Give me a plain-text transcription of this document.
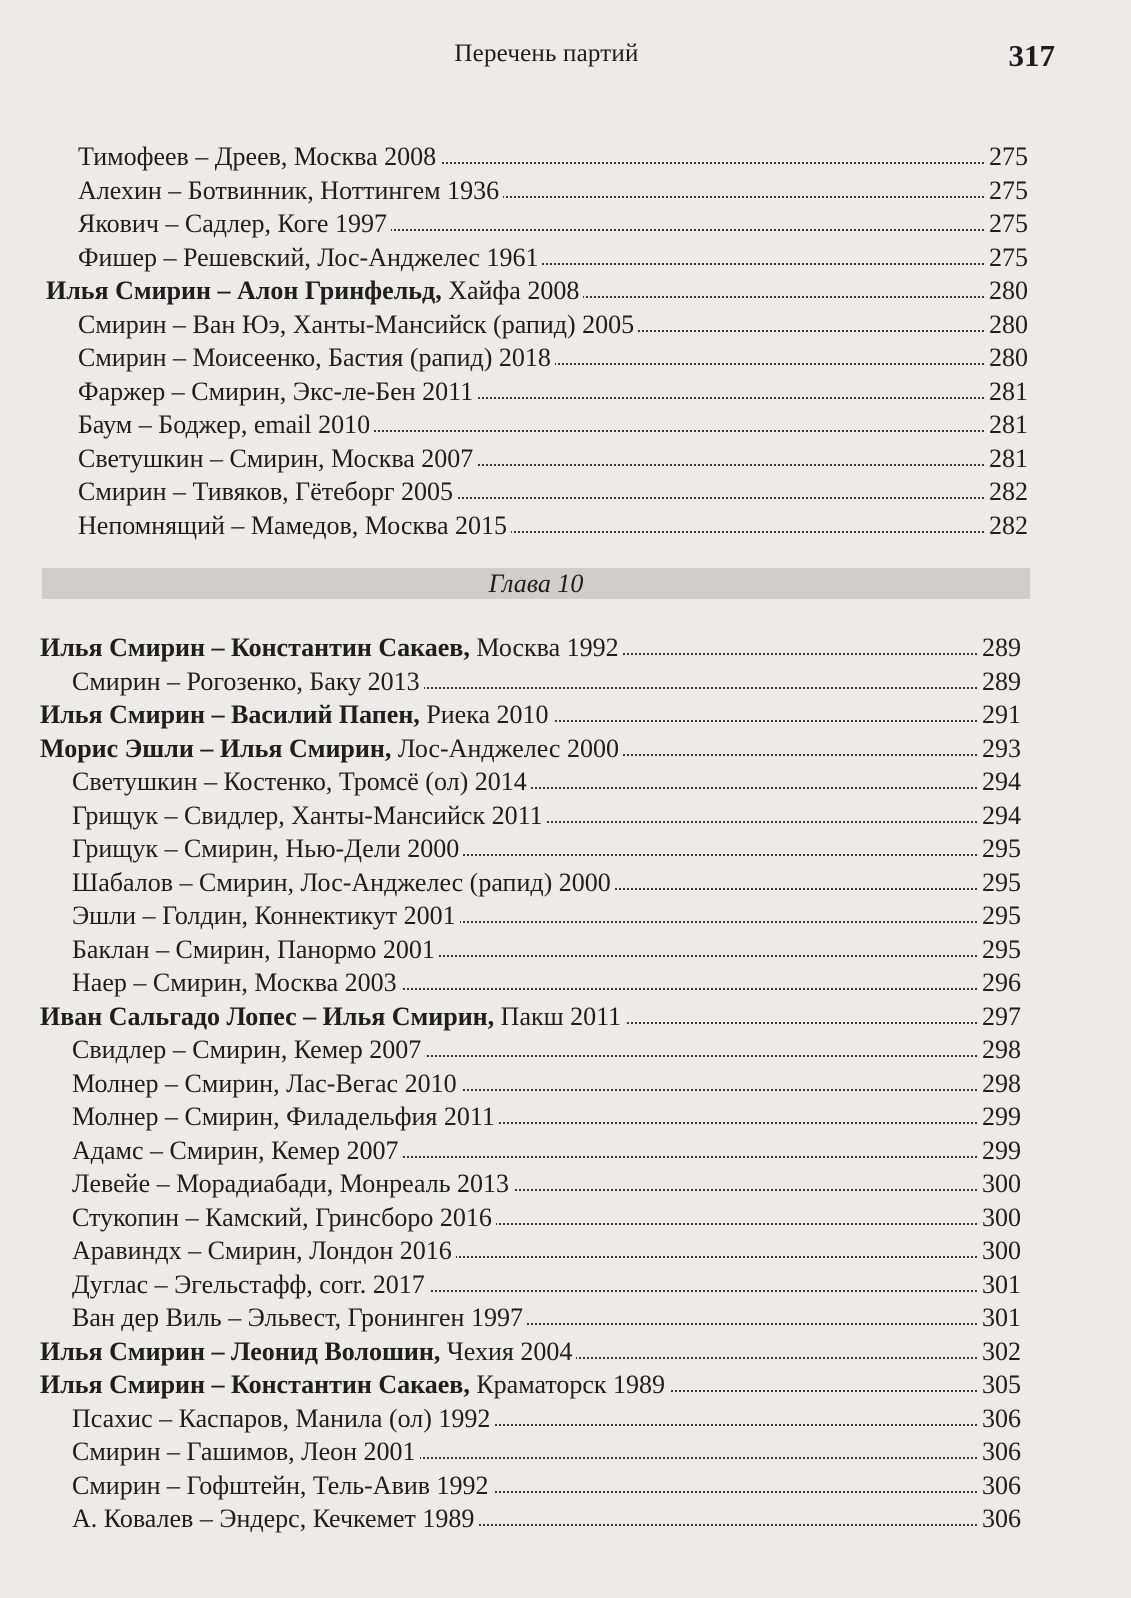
Перечень партий	317
Тимофеев – Дреев, Москва 2008	275
Алехин – Ботвинник, Ноттингем 1936	275
Якович – Садлер, Коге 1997	275
Фишер – Решевский, Лос-Анджелес 1961	275
Илья Смирин – Алон Гринфельд, Хайфа 2008	280
Смирин – Ван Юэ, Ханты-Мансийск (рапид) 2005	280
Смирин – Моисеенко, Бастия (рапид) 2018	280
Фаржер – Смирин, Экс-ле-Бен 2011	281
Баум – Боджер, email 2010	281
Светушкин – Смирин, Москва 2007	281
Смирин – Тивяков, Гётеборг 2005	282
Непомнящий – Мамедов, Москва 2015	282
Глава 10
Илья Смирин – Константин Сакаев, Москва 1992	289
Смирин – Рогозенко, Баку 2013	289
Илья Смирин – Василий Папен, Риека 2010	291
Морис Эшли – Илья Смирин, Лос-Анджелес 2000	293
Светушкин – Костенко, Тромсё (ол) 2014	294
Грищук – Свидлер, Ханты-Мансийск 2011	294
Грищук – Смирин, Нью-Дели 2000	295
Шабалов – Смирин, Лос-Анджелес (рапид) 2000	295
Эшли – Голдин, Коннектикут 2001	295
Баклан – Смирин, Панормо 2001	295
Наер – Смирин, Москва 2003	296
Иван Сальгадо Лопес – Илья Смирин, Пакш 2011	297
Свидлер – Смирин, Кемер 2007	298
Молнер – Смирин, Лас-Вегас 2010	298
Молнер – Смирин, Филадельфия 2011	299
Адамс – Смирин, Кемер 2007	299
Левейе – Морадиабади, Монреаль 2013	300
Стукопин – Камский, Гринсборо 2016	300
Аравиндх – Смирин, Лондон 2016	300
Дуглас – Эгельстафф, corr. 2017	301
Ван дер Виль – Эльвест, Гронинген 1997	301
Илья Смирин – Леонид Волошин, Чехия 2004	302
Илья Смирин – Константин Сакаев, Краматорск 1989	305
Псахис – Каспаров, Манила (ол) 1992	306
Смирин – Гашимов, Леон 2001	306
Смирин – Гофштейн, Тель-Авив 1992	306
А. Ковалев – Эндерс, Кечкемет 1989	306
